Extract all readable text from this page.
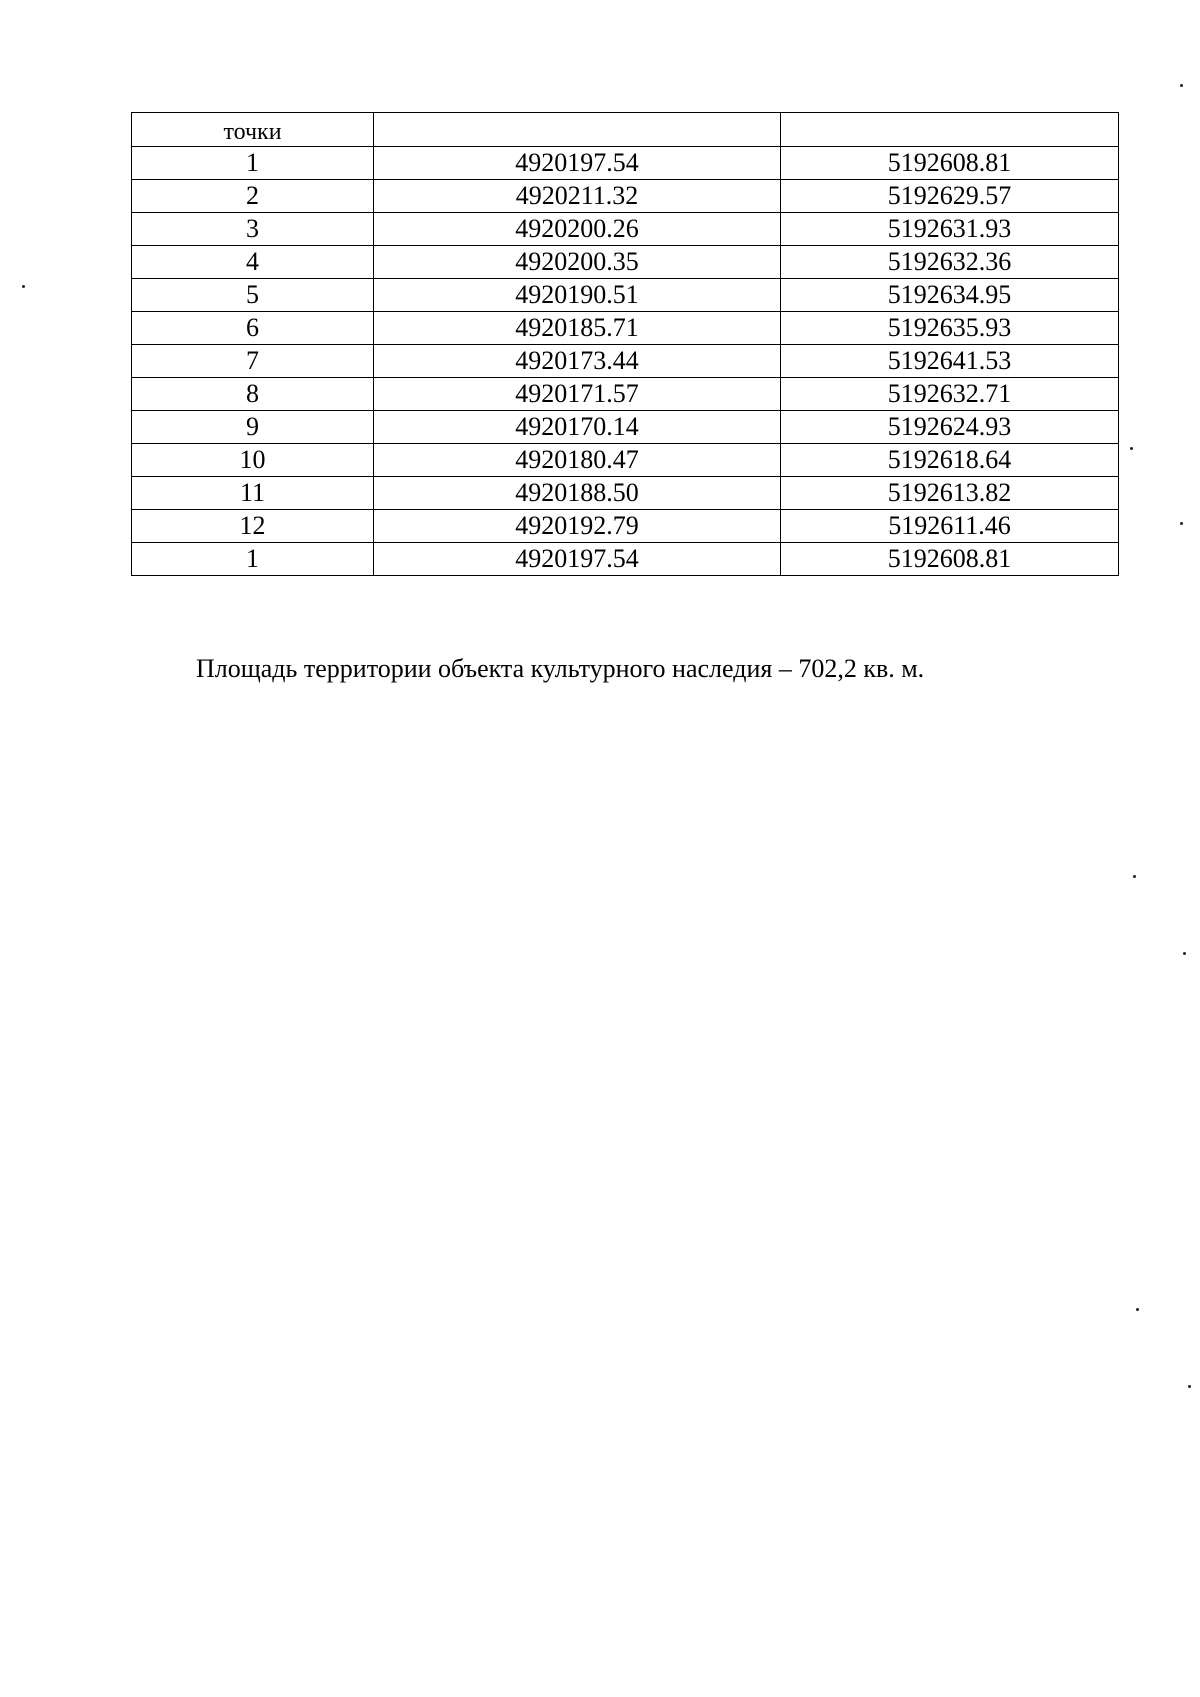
точки		
1	4920197.54	5192608.81
2	4920211.32	5192629.57
3	4920200.26	5192631.93
4	4920200.35	5192632.36
5	4920190.51	5192634.95
6	4920185.71	5192635.93
7	4920173.44	5192641.53
8	4920171.57	5192632.71
9	4920170.14	5192624.93
10	4920180.47	5192618.64
11	4920188.50	5192613.82
12	4920192.79	5192611.46
1	4920197.54	5192608.81

Площадь территории объекта культурного наследия – 702,2 кв. м.
